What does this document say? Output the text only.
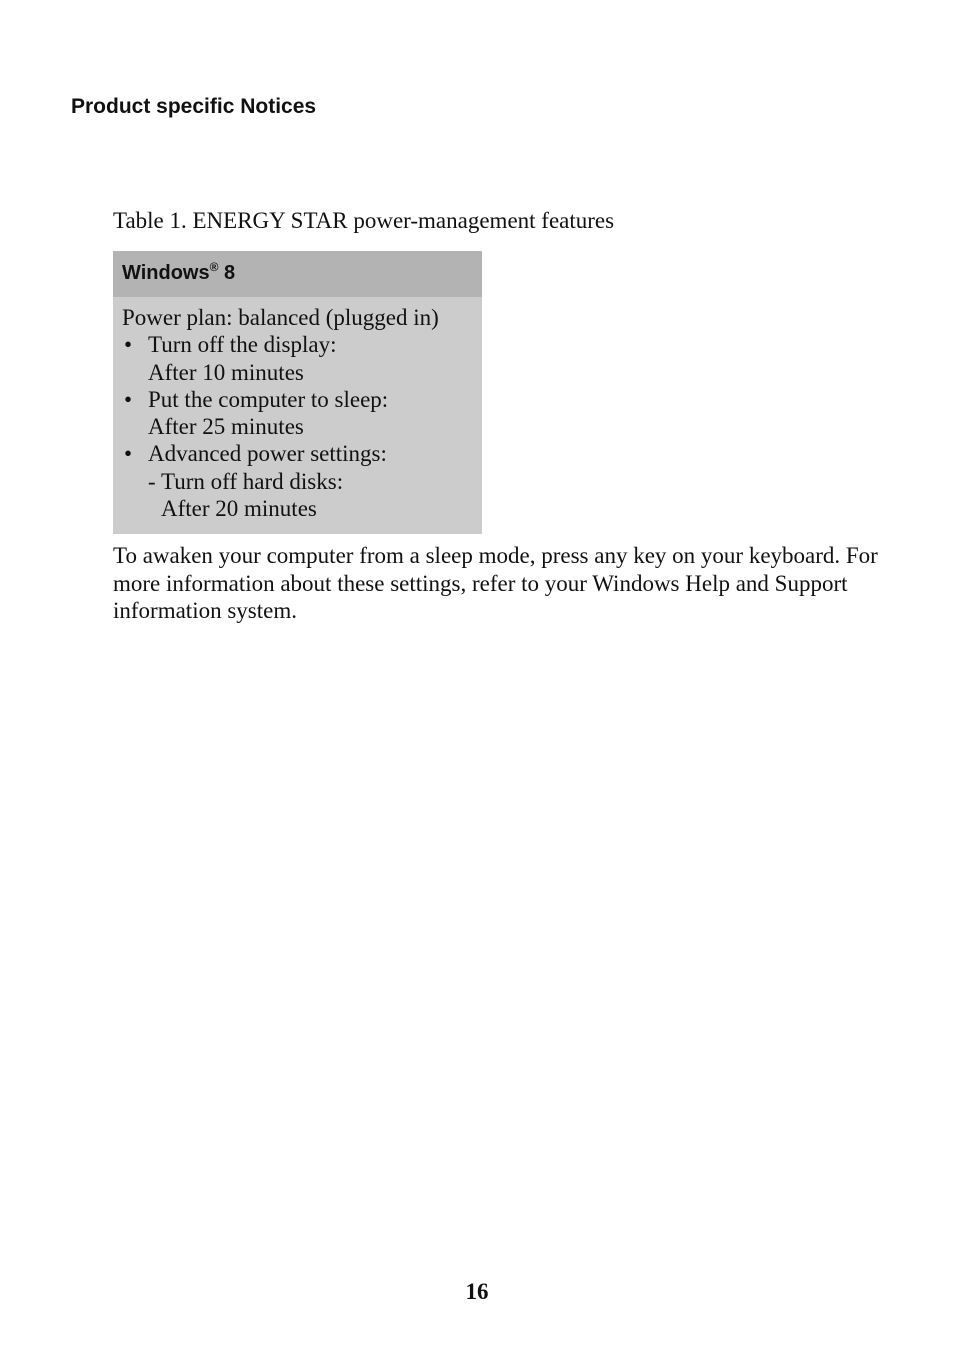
Product specific Notices

Table 1. ENERGY STAR power-management features

Windows® 8
Power plan: balanced (plugged in)
• Turn off the display:
After 10 minutes
• Put the computer to sleep:
After 25 minutes
• Advanced power settings:
- Turn off hard disks:
After 20 minutes

To awaken your computer from a sleep mode, press any key on your keyboard. For more information about these settings, refer to your Windows Help and Support information system.

16
